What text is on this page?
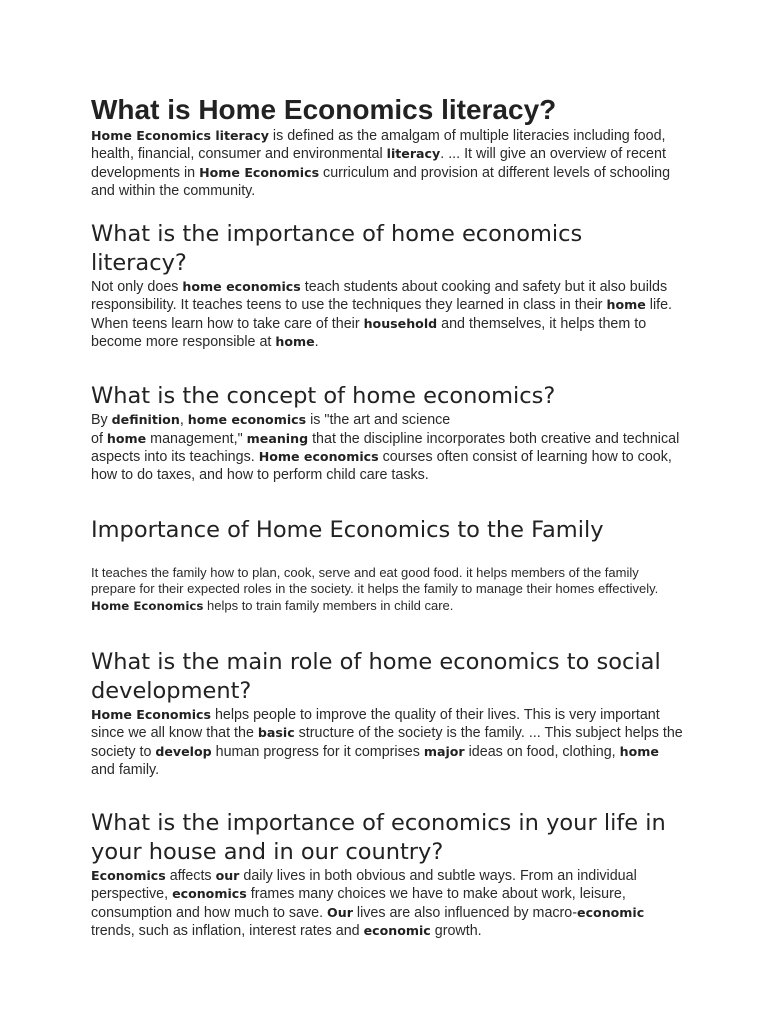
What is Home Economics literacy?

Home Economics literacy is defined as the amalgam of multiple literacies including food, health, financial, consumer and environmental literacy. ... It will give an overview of recent developments in Home Economics curriculum and provision at different levels of schooling and within the community.

What is the importance of home economics literacy?

Not only does home economics teach students about cooking and safety but it also builds responsibility. It teaches teens to use the techniques they learned in class in their home life. When teens learn how to take care of their household and themselves, it helps them to become more responsible at home.

What is the concept of home economics?

By definition, home economics is "the art and science
of home management," meaning that the discipline incorporates both creative and technical aspects into its teachings. Home economics courses often consist of learning how to cook, how to do taxes, and how to perform child care tasks.

Importance of Home Economics to the Family

It teaches the family how to plan, cook, serve and eat good food. it helps members of the family prepare for their expected roles in the society. it helps the family to manage their homes effectively. Home Economics helps to train family members in child care.

What is the main role of home economics to social development?

Home Economics helps people to improve the quality of their lives. This is very important since we all know that the basic structure of the society is the family. ... This subject helps the society to develop human progress for it comprises major ideas on food, clothing, home and family.

What is the importance of economics in your life in your house and in our country?

Economics affects our daily lives in both obvious and subtle ways. From an individual perspective, economics frames many choices we have to make about work, leisure, consumption and how much to save. Our lives are also influenced by macro-economic trends, such as inflation, interest rates and economic growth.
